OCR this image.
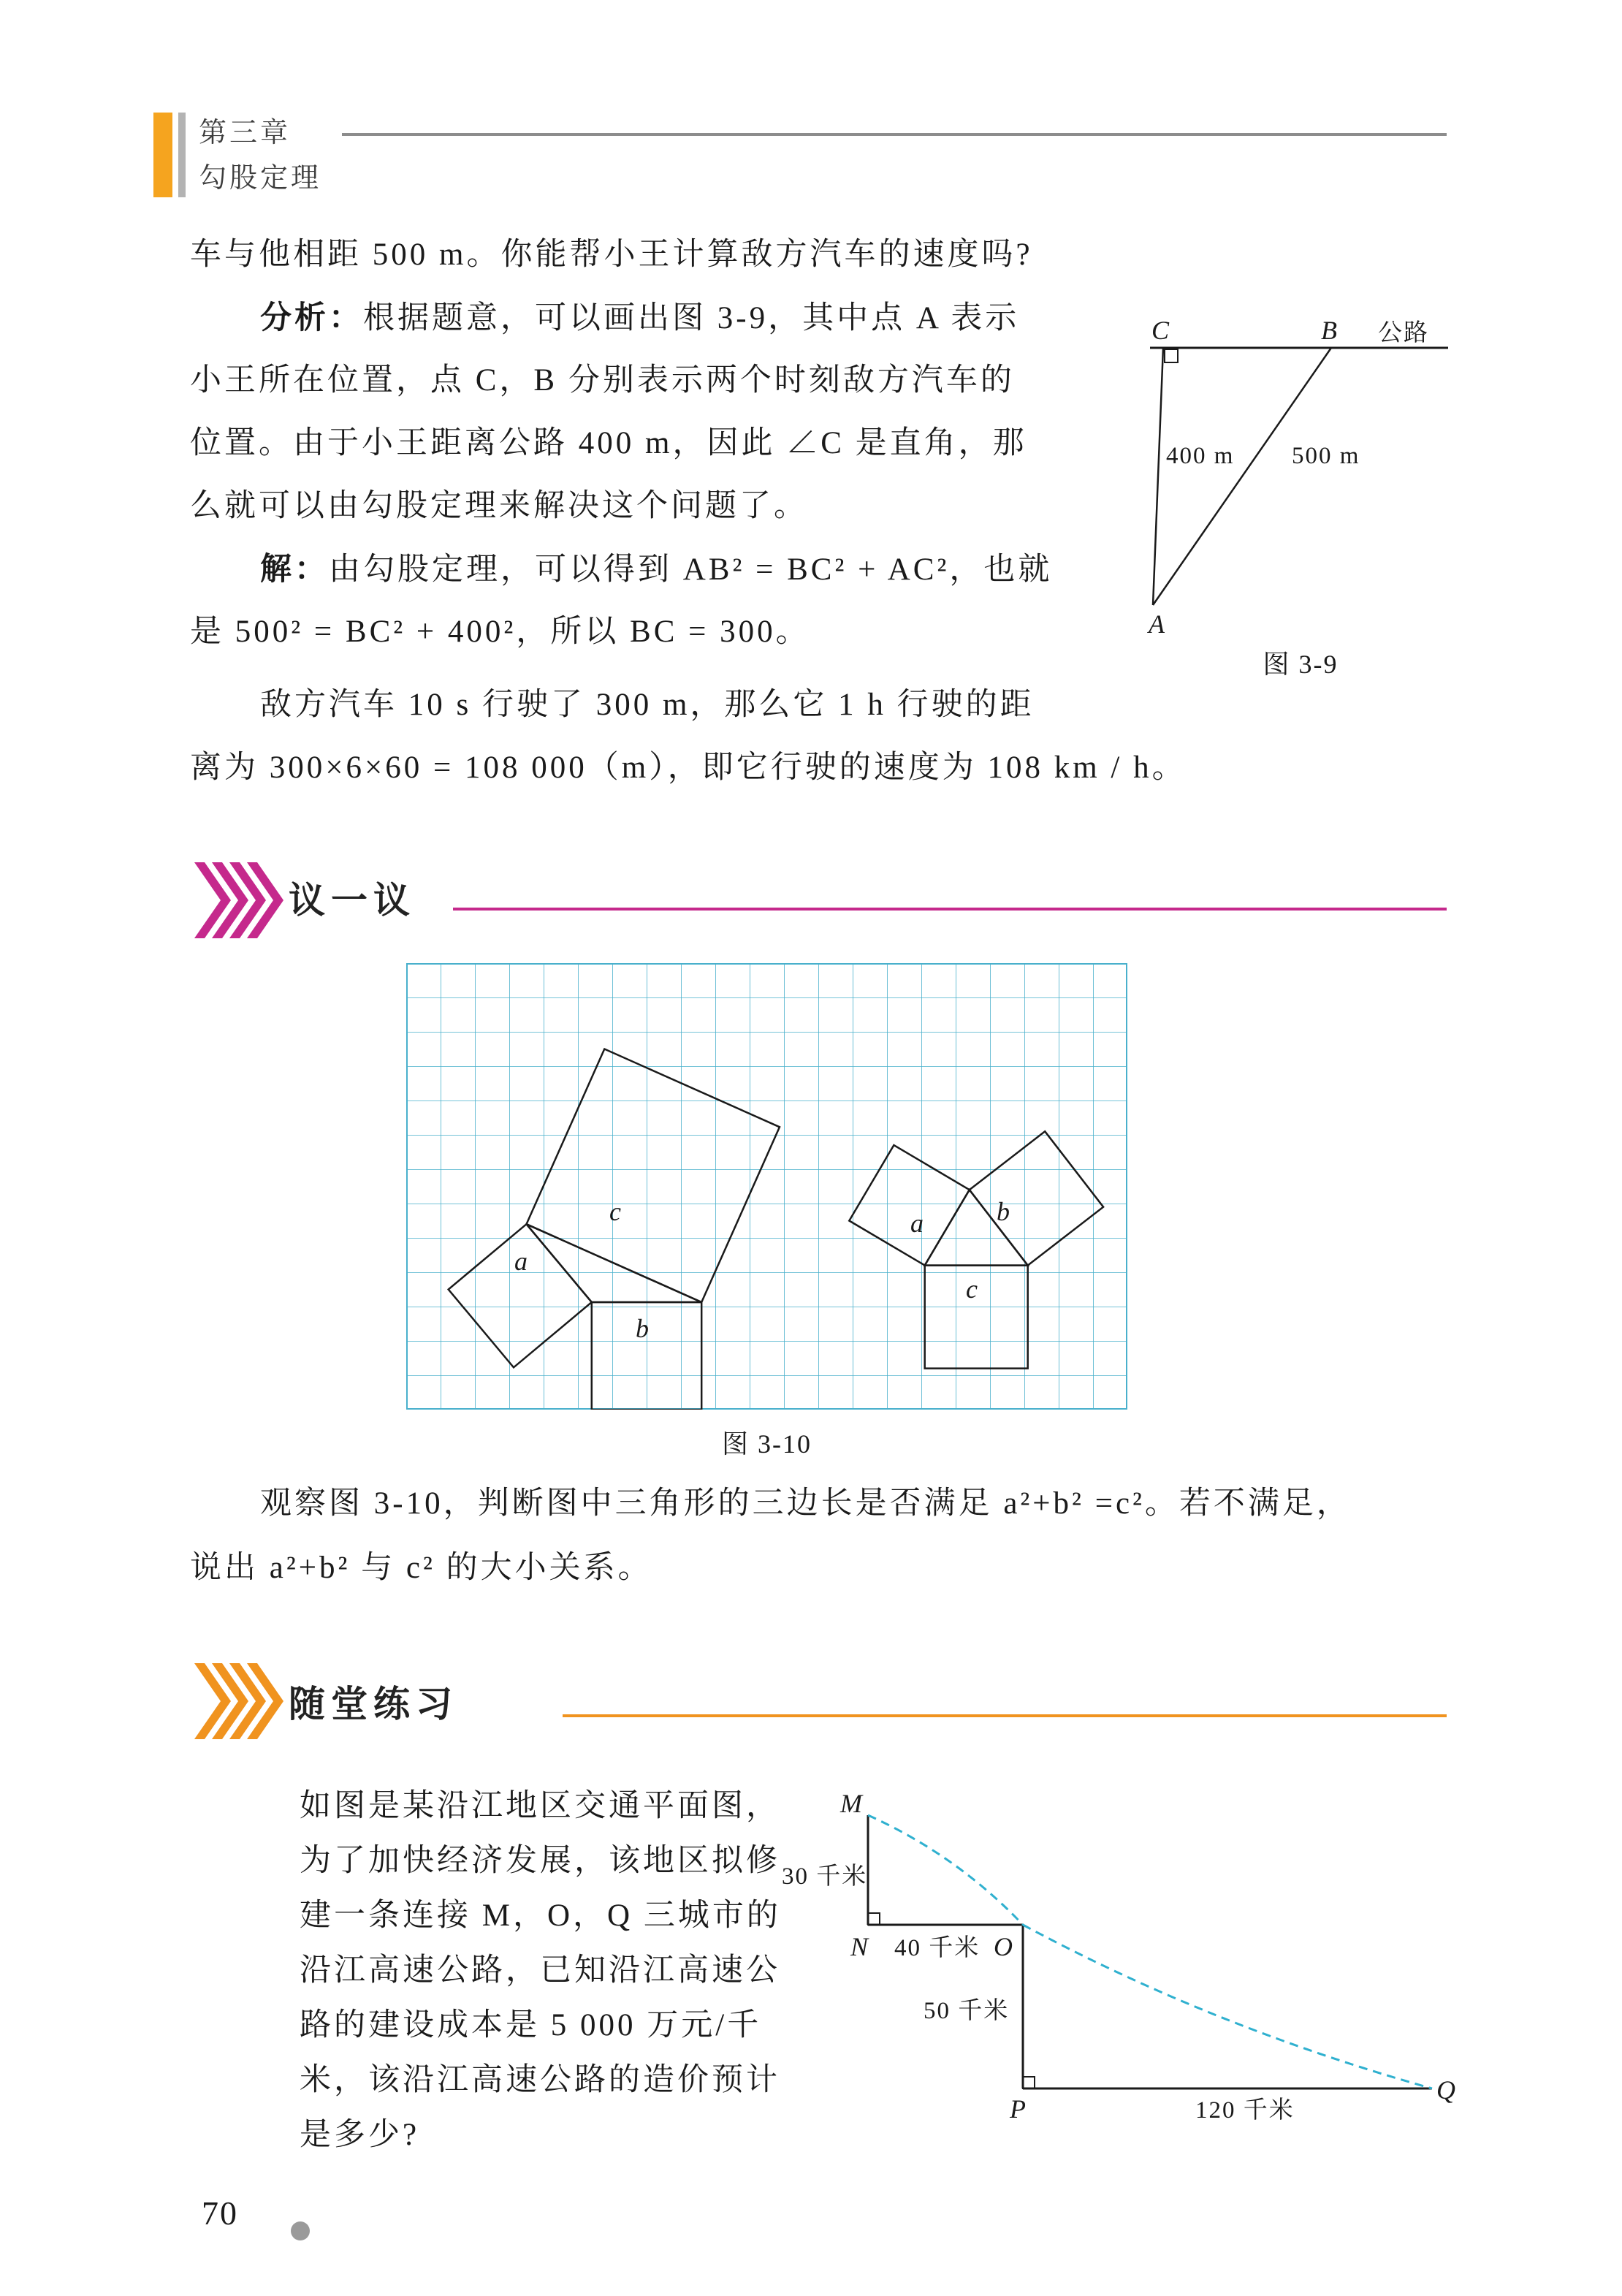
第三章
勾股定理
车与他相距 500 m。你能帮小王计算敌方汽车的速度吗?
分析：根据题意，可以画出图 3-9，其中点 A 表示
小王所在位置，点 C，B 分别表示两个时刻敌方汽车的
位置。由于小王距离公路 400 m，因此 ∠C 是直角，那
么就可以由勾股定理来解决这个问题了。
解：由勾股定理，可以得到 AB² = BC² + AC²，也就
是 500² = BC² + 400²，所以 BC = 300。
敌方汽车 10 s 行驶了 300 m，那么它 1 h 行驶的距
离为 300×6×60 = 108 000（m），即它行驶的速度为 108 km / h。
C	B 公路
400 m 500 m
A
图 3-9
议一议
a
c
b
a	b
c
图 3-10
观察图 3-10，判断图中三角形的三边长是否满足 a²+b² =c²。若不满足，
说出 a²+b² 与 c² 的大小关系。
随堂练习
如图是某沿江地区交通平面图，
为了加快经济发展，该地区拟修
建一条连接 M，O，Q 三城市的
沿江高速公路，已知沿江高速公
路的建设成本是 5 000 万元/千
米，该沿江高速公路的造价预计
是多少?
M
30 千米
N 40 千米 O
50 千米
P	120 千米
Q
70
